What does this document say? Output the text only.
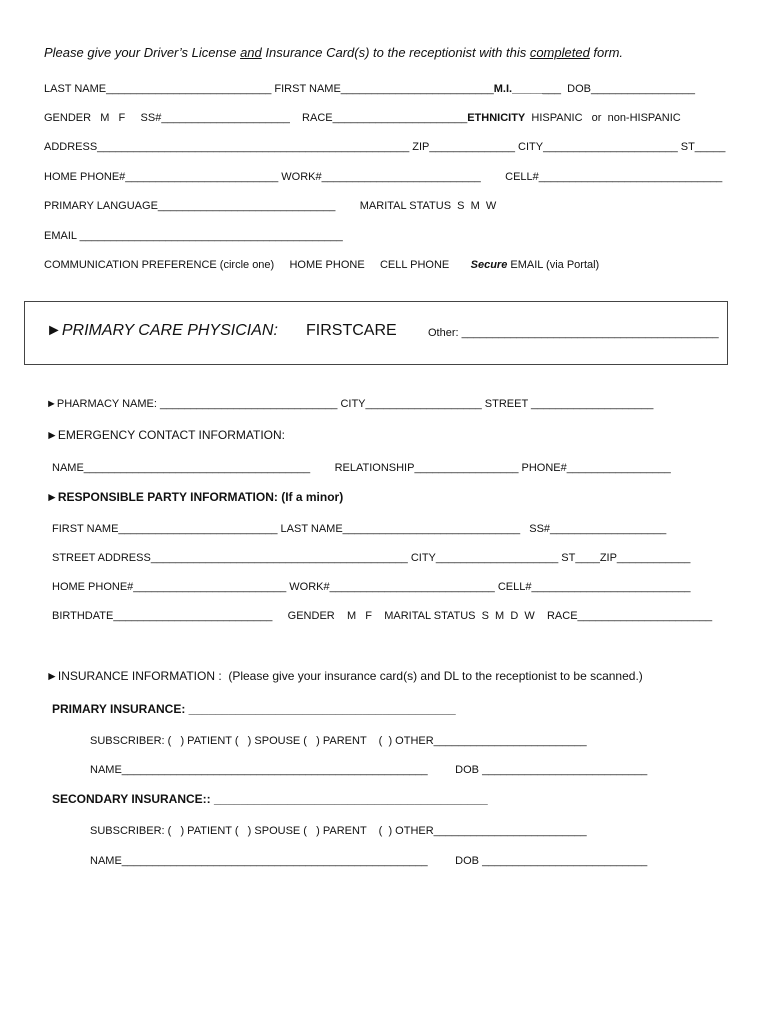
Please give your Driver’s License and Insurance Card(s) to the receptionist with this completed form.
LAST NAME___________________________ FIRST NAME_________________________M.I.________  DOB_________________
GENDER   M   F     SS#_____________________    RACE______________________ETHNICITY  HISPANIC   or  non-HISPANIC
ADDRESS___________________________________________________ ZIP______________ CITY______________________ ST_____
HOME PHONE#_________________________ WORK#__________________________        CELL#______________________________
PRIMARY LANGUAGE_____________________________        MARITAL STATUS  S  M  W
EMAIL ___________________________________________
COMMUNICATION PREFERENCE (circle one)     HOME PHONE     CELL PHONE       Secure EMAIL (via Portal)
►PRIMARY CARE PHYSICIAN: FIRSTCARE	Other: __________________________________________
►PHARMACY NAME: _____________________________ CITY___________________ STREET ____________________
►EMERGENCY CONTACT INFORMATION:
NAME_____________________________________        RELATIONSHIP_________________ PHONE#_________________
►RESPONSIBLE PARTY INFORMATION: (If a minor)
FIRST NAME__________________________ LAST NAME_____________________________   SS#___________________
STREET ADDRESS__________________________________________ CITY____________________ ST____ZIP____________
HOME PHONE#_________________________ WORK#___________________________ CELL#__________________________
BIRTHDATE__________________________     GENDER    M   F    MARITAL STATUS  S  M  D  W    RACE______________________
►INSURANCE INFORMATION :  (Please give your insurance card(s) and DL to the receptionist to be scanned.)
PRIMARY INSURANCE: ________________________________________
SUBSCRIBER: (   ) PATIENT (   ) SPOUSE (   ) PARENT    (  ) OTHER_________________________
NAME__________________________________________________         DOB ___________________________
SECONDARY INSURANCE:: _________________________________________
SUBSCRIBER: (   ) PATIENT (   ) SPOUSE (   ) PARENT    (  ) OTHER_________________________
NAME__________________________________________________         DOB ___________________________
